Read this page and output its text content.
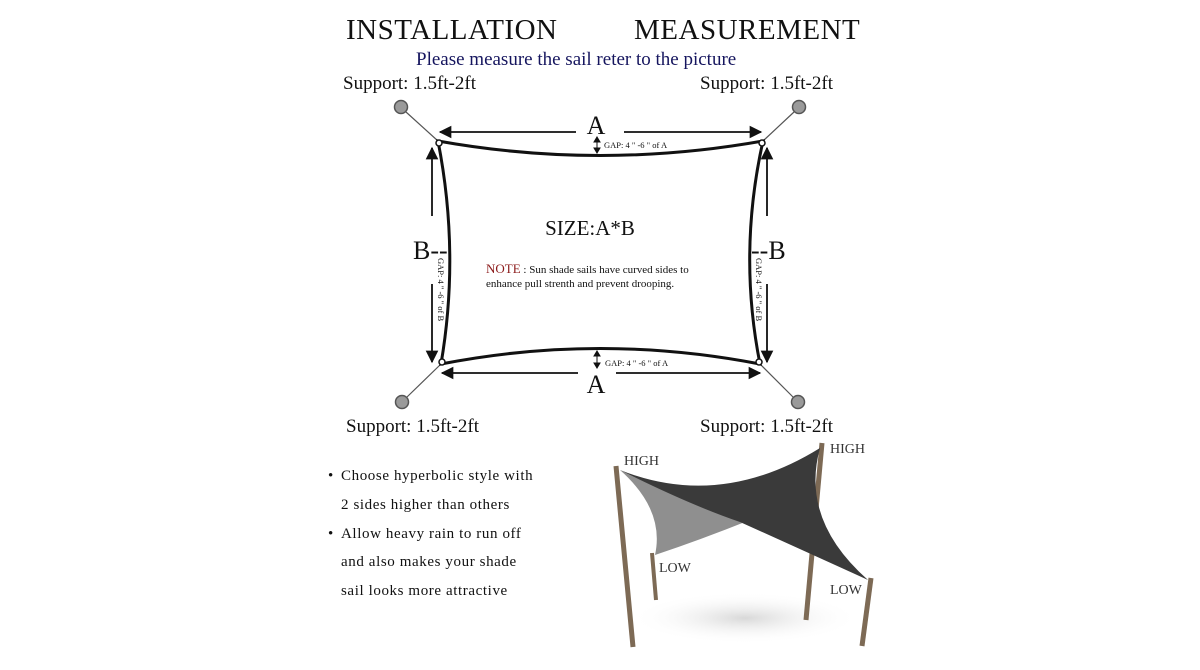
INSTALLATION	MEASUREMENT
Please measure the sail reter to the picture
Support: 1.5ft-2ft	Support: 1.5ft-2ft
Support: 1.5ft-2ft	Support: 1.5ft-2ft
A
A
B--	--B
GAP: 4 " -6 " of A
GAP: 4 " -6 " of A
GAP: 4 " -6 " of B	GAP: 4 " -6 " of B
SIZE:A*B
NOTE : Sun shade sails have curved sides to
enhance pull strenth and prevent drooping.
HIGH
HIGH
LOW
LOW
• Choose hyperbolic style with
2 sides higher than others
• Allow heavy rain to run off
and also makes your shade
sail looks more attractive
